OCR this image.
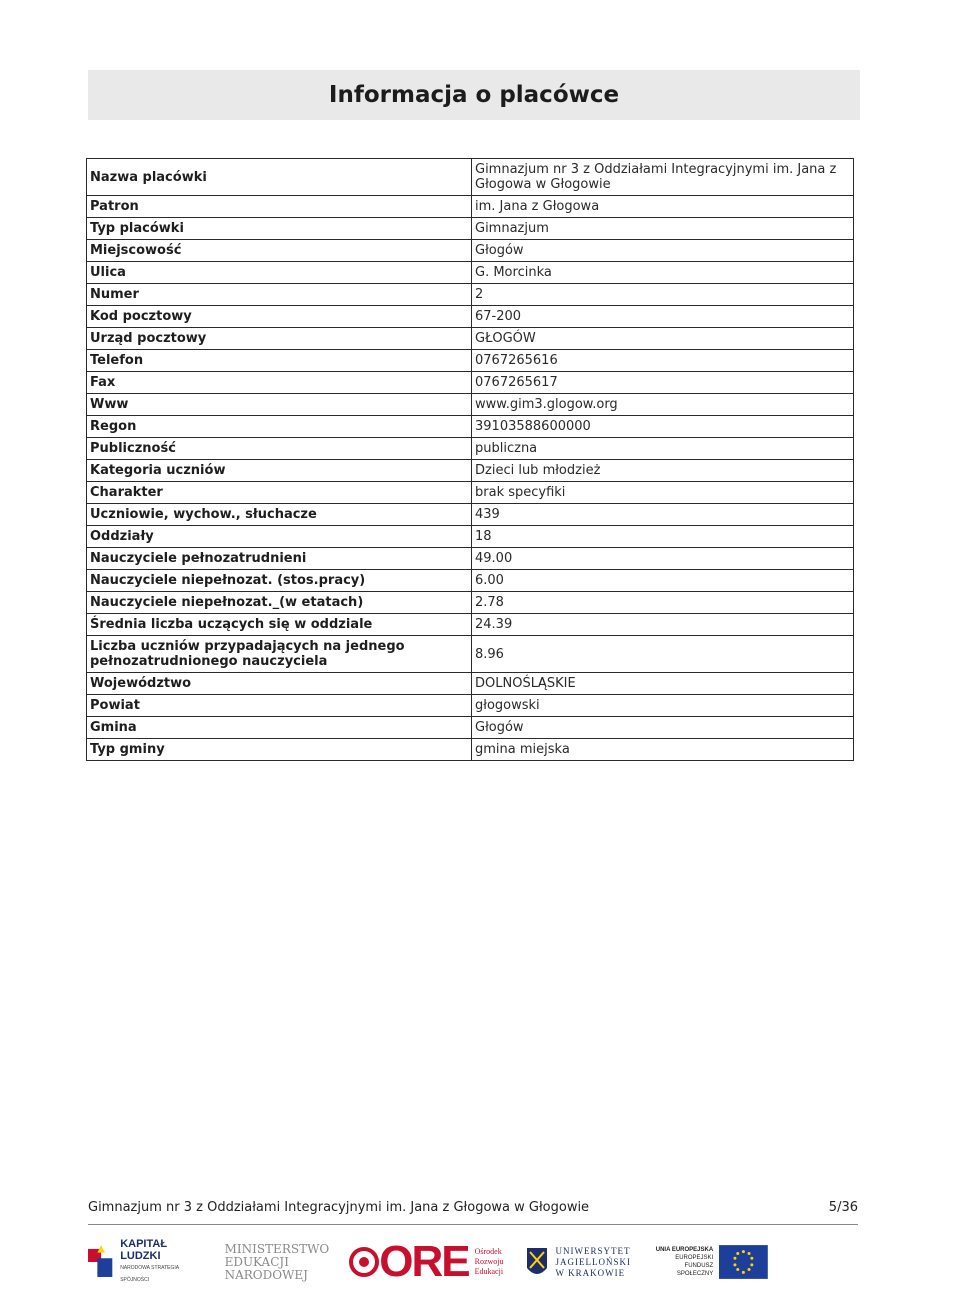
Informacja o placówce
Nazwa placówki	Gimnazjum nr 3 z Oddziałami Integracyjnymi im. Jana z Głogowa w Głogowie
Patron	im. Jana z Głogowa
Typ placówki	Gimnazjum
Miejscowość	Głogów
Ulica	G. Morcinka
Numer	2
Kod pocztowy	67-200
Urząd pocztowy	GŁOGÓW
Telefon	0767265616
Fax	0767265617
Www	www.gim3.glogow.org
Regon	39103588600000
Publiczność	publiczna
Kategoria uczniów	Dzieci lub młodzież
Charakter	brak specyfiki
Uczniowie, wychow., słuchacze	439
Oddziały	18
Nauczyciele pełnozatrudnieni	49.00
Nauczyciele niepełnozat. (stos.pracy)	6.00
Nauczyciele niepełnozat._(w etatach)	2.78
Średnia liczba uczących się w oddziale	24.39
Liczba uczniów przypadających na jednego pełnozatrudnionego nauczyciela	8.96
Województwo	DOLNOŚLĄSKIE
Powiat	głogowski
Gmina	Głogów
Typ gminy	gmina miejska
Gimnazjum nr 3 z Oddziałami Integracyjnymi im. Jana z Głogowa w Głogowie	5/36
KAPITAŁ LUDZKI
NARODOWA STRATEGIA SPÓJNOŚCI
MINISTERSTWO
EDUKACJI
NARODOWEJ	ORE Ośrodek
Rozwoju
Edukacji
UNIWERSYTET
JAGIELLOŃSKI
W KRAKOWIE
UNIA EUROPEJSKA
EUROPEJSKI
FUNDUSZ SPOŁECZNY
